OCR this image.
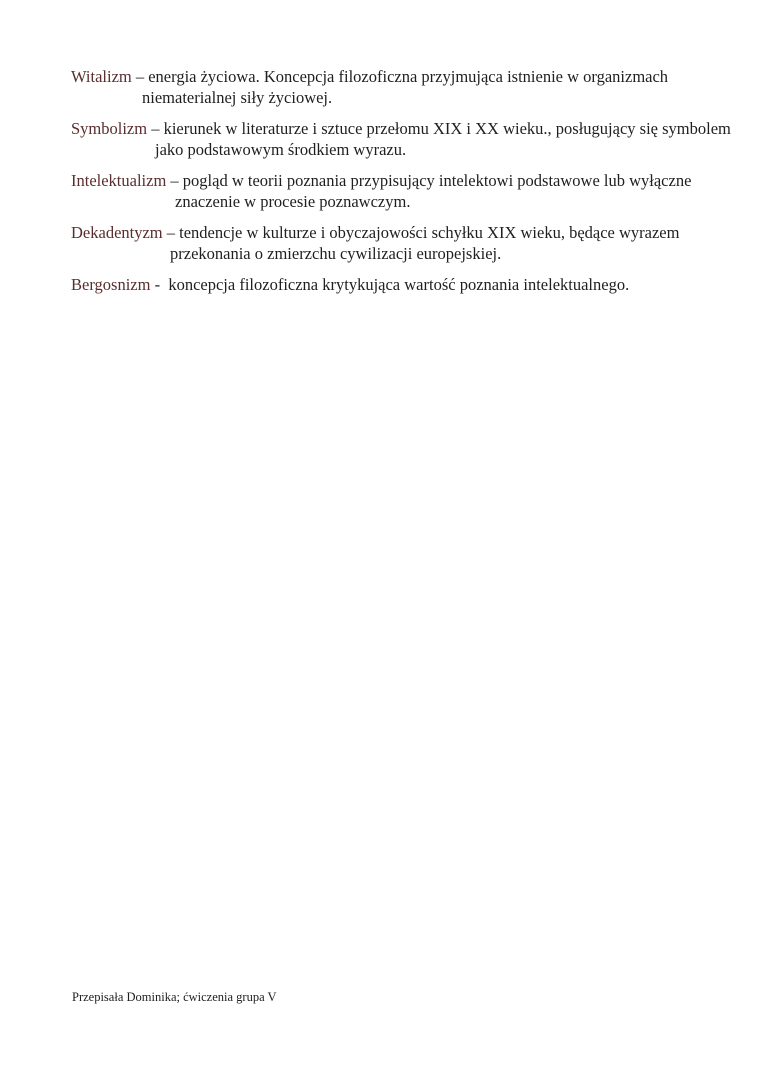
Witalizm – energia życiowa. Koncepcja filozoficzna przyjmująca istnienie w organizmach

niematerialnej siły życiowej.

Symbolizm – kierunek w literaturze i sztuce przełomu XIX i XX wieku., posługujący się symbolem

jako podstawowym środkiem wyrazu.

Intelektualizm – pogląd w teorii poznania przypisujący intelektowi podstawowe lub wyłączne

znaczenie w procesie poznawczym.

Dekadentyzm – tendencje w kulturze i obyczajowości schyłku XIX wieku, będące wyrazem

przekonania o zmierzchu cywilizacji europejskiej.

Bergosnizm -  koncepcja filozoficzna krytykująca wartość poznania intelektualnego.

Przepisała Dominika; ćwiczenia grupa V
